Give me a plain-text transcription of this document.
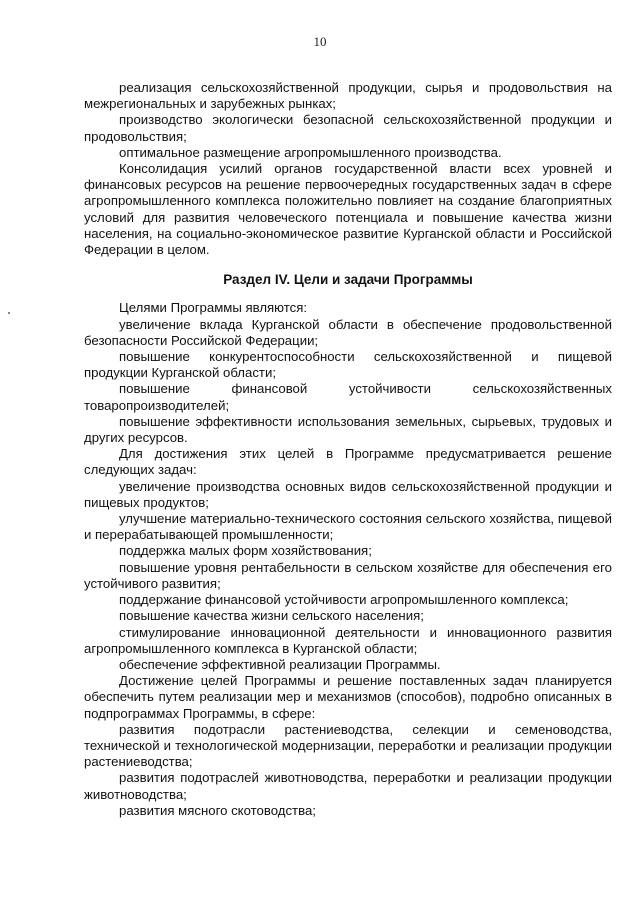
10

реализация сельскохозяйственной продукции, сырья и продовольствия на межрегиональных и зарубежных рынках;

производство экологически безопасной сельскохозяйственной продукции и продовольствия;

оптимальное размещение агропромышленного производства.

Консолидация усилий органов государственной власти всех уровней и финансовых ресурсов на решение первоочередных государственных задач в сфере агропромышленного комплекса положительно повлияет на создание благоприятных условий для развития человеческого потенциала и повышение качества жизни населения, на социально-экономическое развитие Курганской области и Российской Федерации в целом.

Раздел IV. Цели и задачи Программы

Целями Программы являются:

увеличение вклада Курганской области в обеспечение продовольственной безопасности Российской Федерации;

повышение конкурентоспособности сельскохозяйственной и пищевой продукции Курганской области;

повышение финансовой устойчивости сельскохозяйственных товаропроизводителей;

повышение эффективности использования земельных, сырьевых, трудовых и других ресурсов.

Для достижения этих целей в Программе предусматривается решение следующих задач:

увеличение производства основных видов сельскохозяйственной продукции и пищевых продуктов;

улучшение материально-технического состояния сельского хозяйства, пищевой и перерабатывающей промышленности;

поддержка малых форм хозяйствования;

повышение уровня рентабельности в сельском хозяйстве для обеспечения его устойчивого развития;

поддержание финансовой устойчивости агропромышленного комплекса;

повышение качества жизни сельского населения;

стимулирование инновационной деятельности и инновационного развития агропромышленного комплекса в Курганской области;

обеспечение эффективной реализации Программы.

Достижение целей Программы и решение поставленных задач планируется обеспечить путем реализации мер и механизмов (способов), подробно описанных в подпрограммах Программы, в сфере:

развития подотрасли растениеводства, селекции и семеноводства, технической и технологической модернизации, переработки и реализации продукции растениеводства;

развития подотраслей животноводства, переработки и реализации продукции животноводства;

развития мясного скотоводства;
